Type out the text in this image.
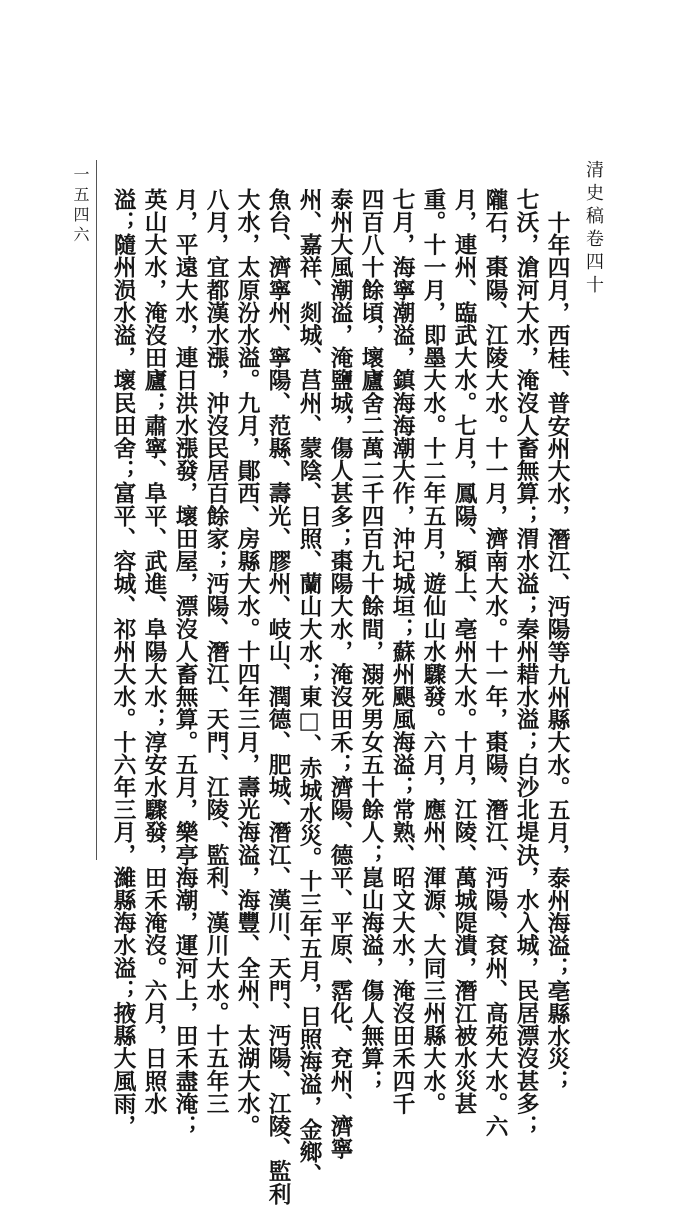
清史稿卷四十
一五四六
十年四月，西桂、普安州大水，潛江、沔陽等九州縣大水。五月，泰州海溢；亳縣水災；
七沃，滄河大水，淹沒人畜無算；渭水溢；秦州耤水溢；白沙北堤決，水入城，民居漂沒甚多；
隴石，棗陽、江陵大水。十一月，濟南大水。十一年，棗陽、潛江、沔陽、袞州、高苑大水。六
月，連州、臨武大水。七月，鳳陽、潁上、亳州大水。十月，江陵、萬城隄潰，潛江被水災甚
重。十一月，即墨大水。十二年五月，遊仙山水驟發。六月，應州、渾源、大同三州縣大水。
七月，海寧潮溢，鎮海海潮大作，沖圮城垣；蘇州颶風海溢；常熟、昭文大水，淹沒田禾四千
四百八十餘頃，壞廬舍二萬二千四百九十餘間，溺死男女五十餘人；崑山海溢，傷人無算；
泰州大風潮溢，淹鹽城，傷人甚多；棗陽大水，淹沒田禾；濟陽、德平、平原、霑化、兗州、濟寧
州、嘉祥、剡城、莒州、蒙陰、日照、蘭山大水；東□、赤城水災。十三年五月，日照海溢，金鄉、
魚台、濟寧州、寧陽、范縣、壽光、膠州、岐山、潤德、肥城、潛江、漢川、天門、沔陽、江陵、監利
大水，太原汾水溢。九月，鄖西、房縣大水。十四年三月，壽光海溢，海豐、全州、太湖大水。
八月，宜都漢水漲，沖沒民居百餘家；沔陽、潛江、天門、江陵、監利、漢川大水。十五年三
月，平遠大水，連日洪水漲發，壞田屋，漂沒人畜無算。五月，樂亭海潮，運河上，田禾盡淹；
英山大水，淹沒田廬；肅寧、阜平、武進、阜陽大水；淳安水驟發，田禾淹沒。六月，日照水
溢；隨州涢水溢，壞民田舍；富平、容城、祁州大水。十六年三月，濰縣海水溢；掖縣大風雨，
